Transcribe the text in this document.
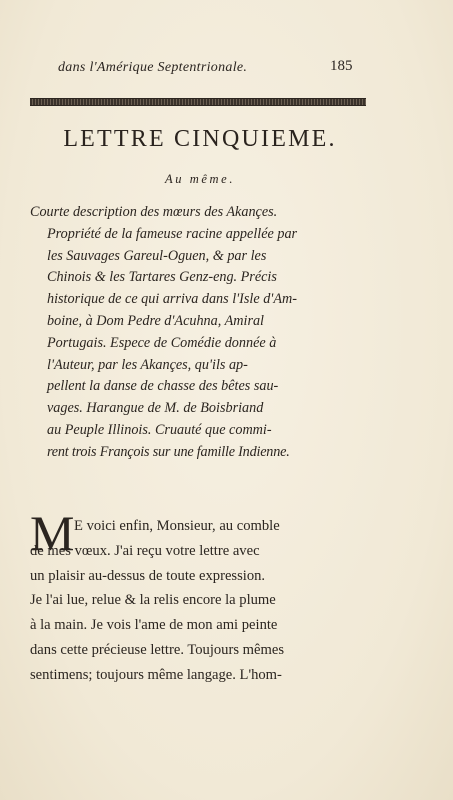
dans l'Amérique Septentrionale.	185
LETTRE CINQUIEME.
Au même.
Courte description des mœurs des Akançes.
Propriété de la fameuse racine appellée par
les Sauvages Gareul-Oguen, & par les
Chinois & les Tartares Genz-eng. Précis
historique de ce qui arriva dans l'Isle d'Am-
boine, à Dom Pedre d'Acuhna, Amiral
Portugais. Espece de Comédie donnée à
l'Auteur, par les Akançes, qu'ils ap-
pellent la danse de chasse des bêtes sau-
vages. Harangue de M. de Boisbriand
au Peuple Illinois. Cruauté que commi-
rent trois François sur une famille Indienne.
M E voici enfin, Monsieur, au comble
de mes vœux. J'ai reçu votre lettre avec
un plaisir au-dessus de toute expression.
Je l'ai lue, relue & la relis encore la plume
à la main. Je vois l'ame de mon ami peinte
dans cette précieuse lettre. Toujours mêmes
sentimens; toujours même langage. L'hom-
